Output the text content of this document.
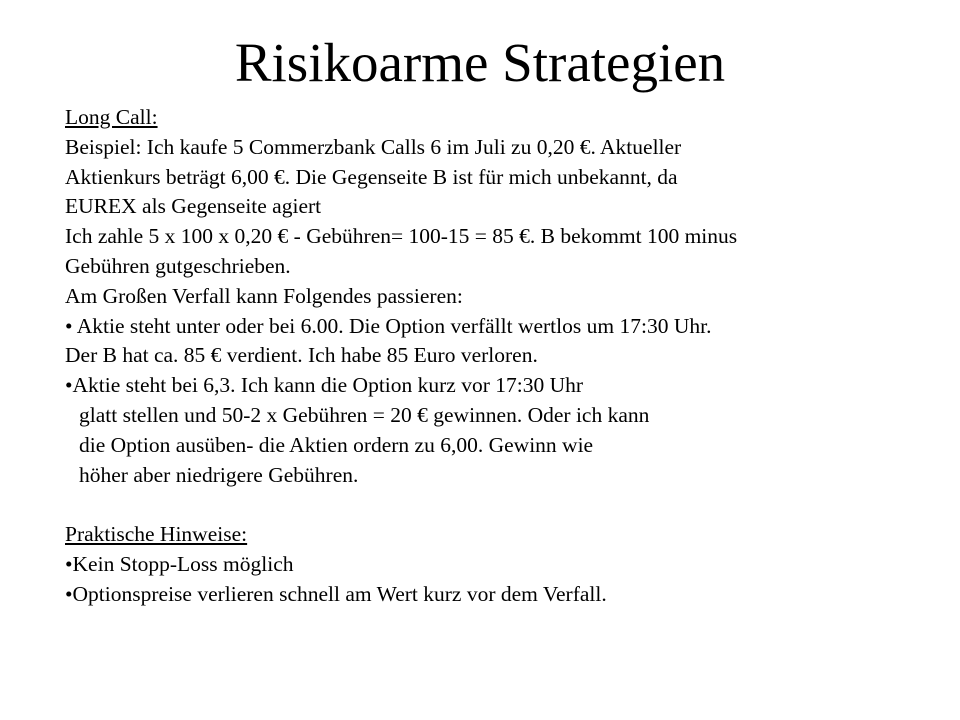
Risikoarme Strategien
Long Call:
Beispiel: Ich kaufe 5 Commerzbank Calls 6 im Juli zu 0,20 €. Aktueller
Aktienkurs beträgt 6,00 €. Die Gegenseite B ist für mich unbekannt, da
EUREX als Gegenseite agiert
Ich zahle 5 x 100 x 0,20 € - Gebühren= 100-15 = 85 €. B bekommt 100 minus
Gebühren gutgeschrieben.
Am Großen Verfall kann Folgendes passieren:
• Aktie steht unter oder bei 6.00. Die Option verfällt wertlos um 17:30 Uhr.
Der B hat ca. 85 € verdient. Ich habe 85 Euro verloren.
•Aktie steht bei 6,3. Ich kann die Option kurz vor 17:30 Uhr
glatt stellen und 50-2 x Gebühren = 20 € gewinnen. Oder ich kann
die Option ausüben- die Aktien ordern zu 6,00. Gewinn wie
höher aber niedrigere Gebühren.
Praktische Hinweise:
•Kein Stopp-Loss möglich
•Optionspreise verlieren schnell am Wert kurz vor dem Verfall.
